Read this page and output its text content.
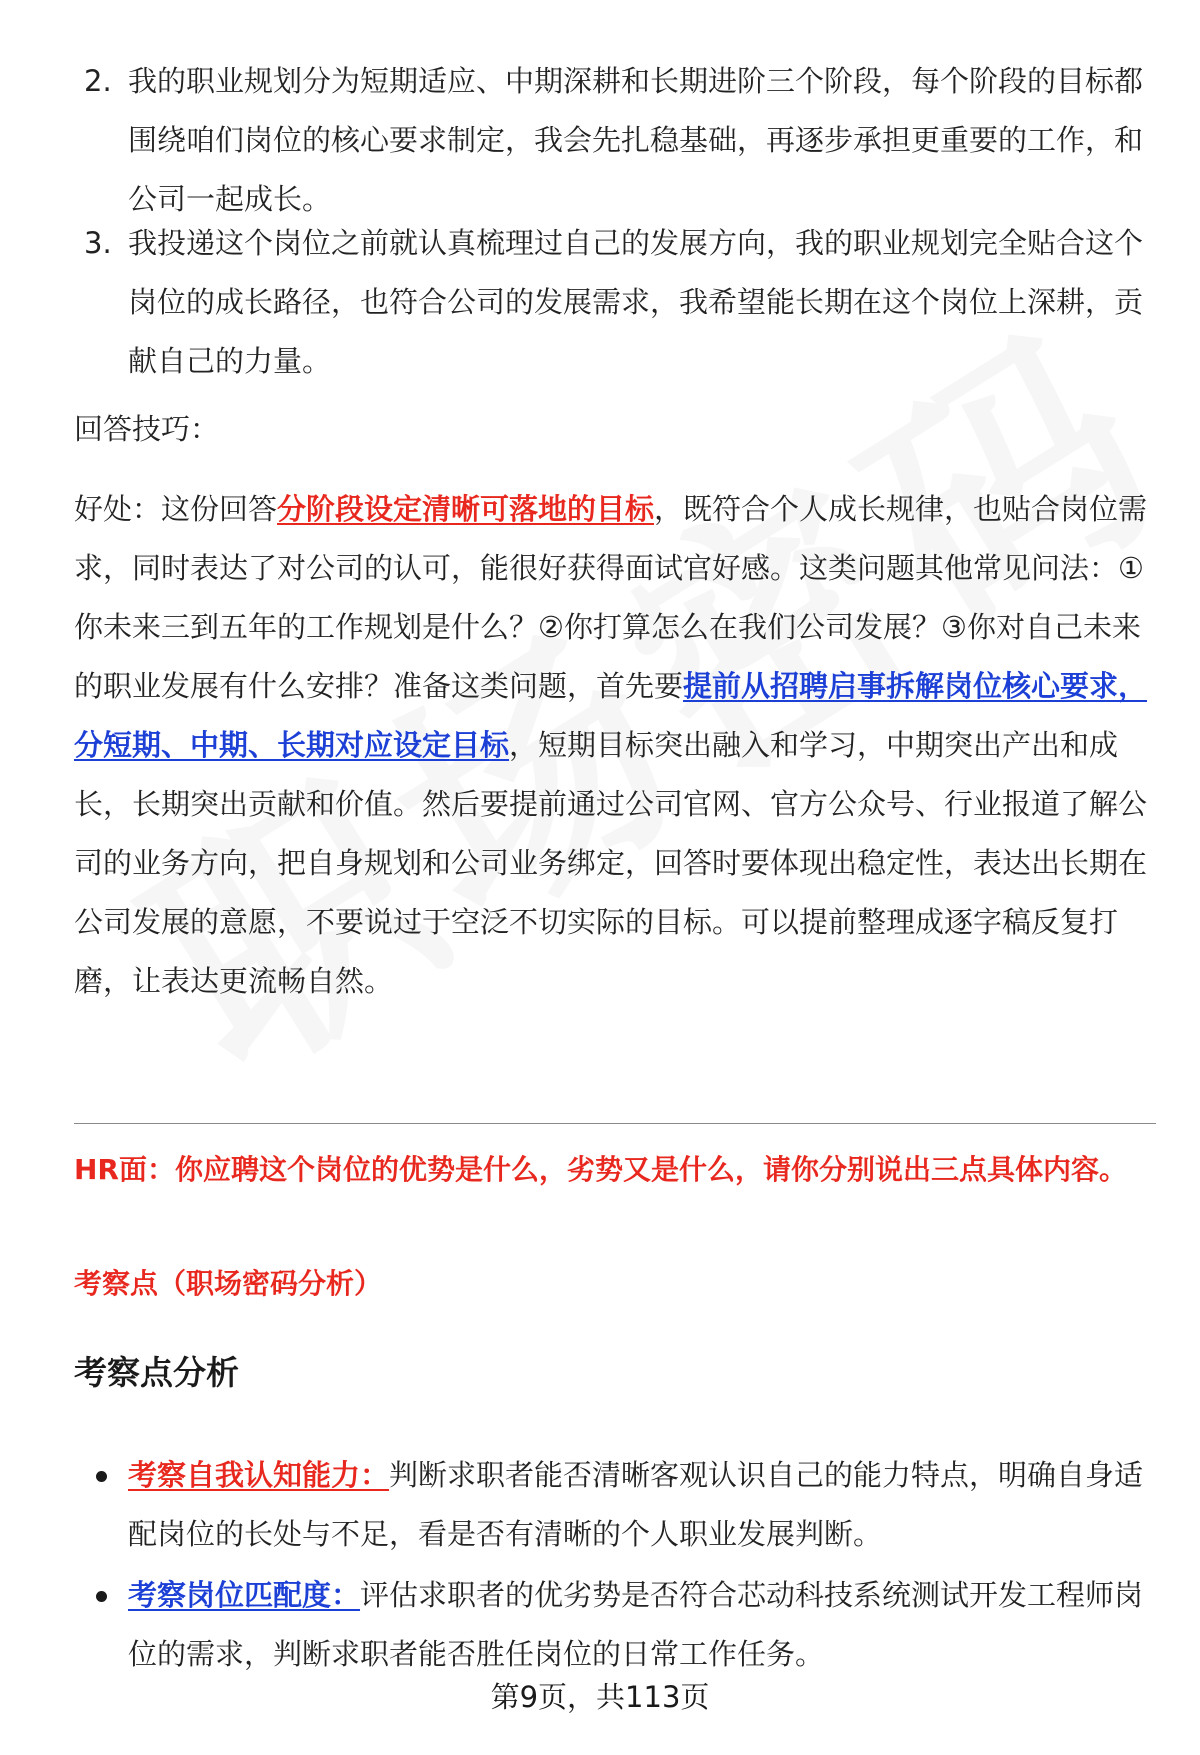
2. 我的职业规划分为短期适应、中期深耕和长期进阶三个阶段，每个阶段的目标都围绕咱们岗位的核心要求制定，我会先扎稳基础，再逐步承担更重要的工作，和公司一起成长。
3. 我投递这个岗位之前就认真梳理过自己的发展方向，我的职业规划完全贴合这个岗位的成长路径，也符合公司的发展需求，我希望能长期在这个岗位上深耕，贡献自己的力量。
回答技巧：
好处：这份回答分阶段设定清晰可落地的目标，既符合个人成长规律，也贴合岗位需求，同时表达了对公司的认可，能很好获得面试官好感。这类问题其他常见问法：①你未来三到五年的工作规划是什么？②你打算怎么在我们公司发展？③你对自己未来的职业发展有什么安排？准备这类问题，首先要提前从招聘启事拆解岗位核心要求，分短期、中期、长期对应设定目标，短期目标突出融入和学习，中期突出产出和成长，长期突出贡献和价值。然后要提前通过公司官网、官方公众号、行业报道了解公司的业务方向，把自身规划和公司业务绑定，回答时要体现出稳定性，表达出长期在公司发展的意愿，不要说过于空泛不切实际的目标。可以提前整理成逐字稿反复打磨，让表达更流畅自然。
HR面：你应聘这个岗位的优势是什么，劣势又是什么，请你分别说出三点具体内容。
考察点（职场密码分析）
考察点分析
考察自我认知能力：判断求职者能否清晰客观认识自己的能力特点，明确自身适配岗位的长处与不足，看是否有清晰的个人职业发展判断。
考察岗位匹配度：评估求职者的优劣势是否符合芯动科技系统测试开发工程师岗位的需求，判断求职者能否胜任岗位的日常工作任务。
第9页，共113页
